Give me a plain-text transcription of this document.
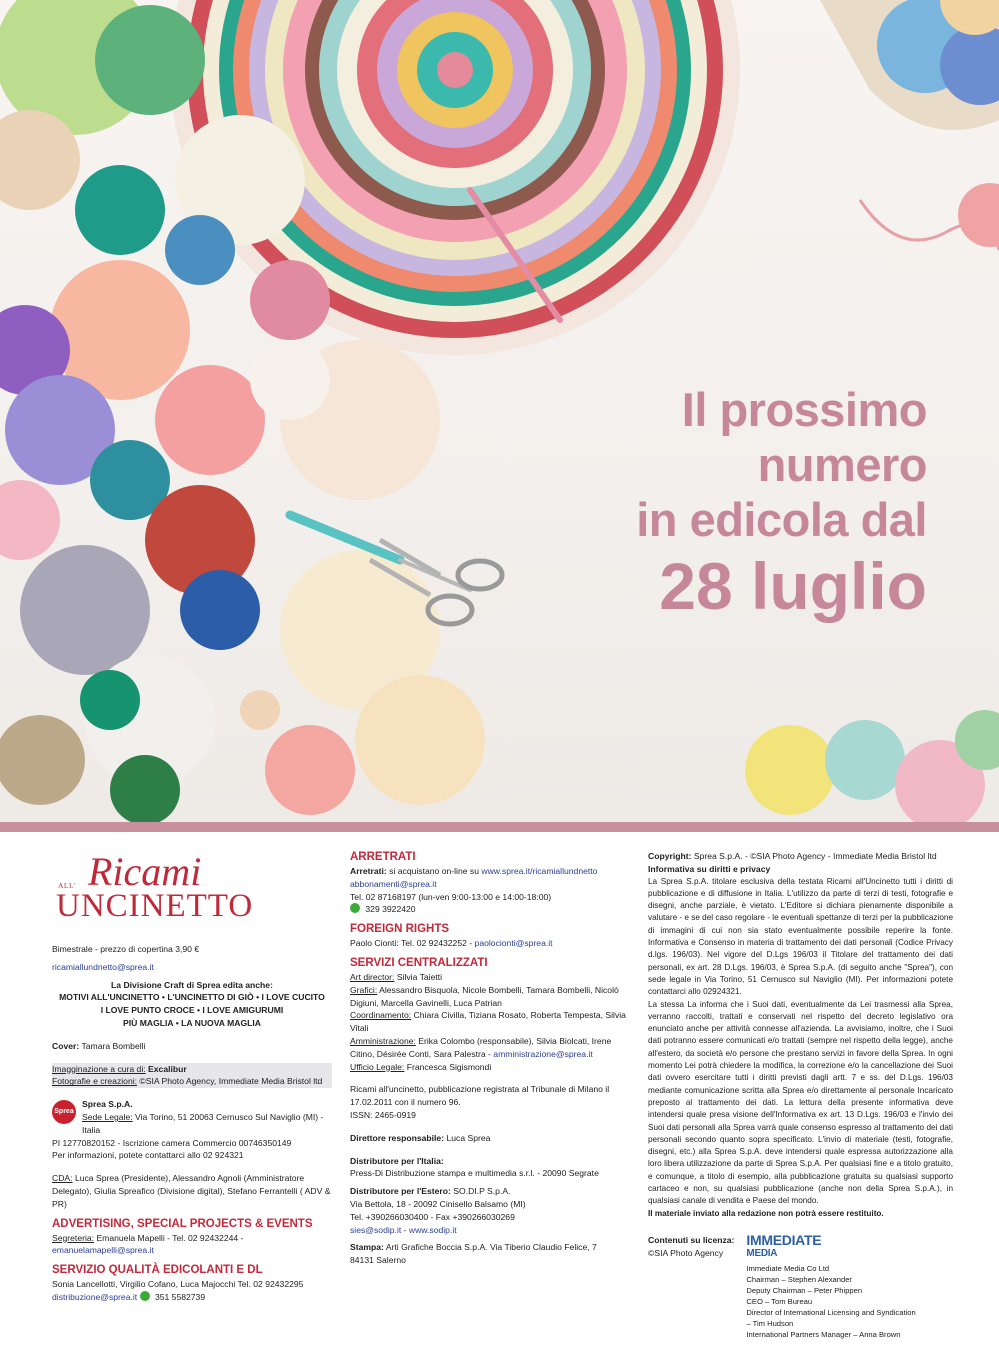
Il prossimo
numero
in edicola dal
28 luglio
ALL' Ricami
UNCINETTO
Bimestrale - prezzo di copertina 3,90 €
ricamiallundnetto@sprea.it
La Divisione Craft di Sprea edita anche:
MOTIVI ALL'UNCINETTO • L'UNCINETTO DI GIÒ • I LOVE CUCITO
I LOVE PUNTO CROCE • I LOVE AMIGURUMI
PIÙ MAGLIA • LA NUOVA MAGLIA
Cover: Tamara Bombelli
Imagginazione a cura di: Excalibur
Fotografie e creazioni: ©SIA Photo Agency, Immediate Media Bristol ltd
Sprea
Sprea S.p.A.
Sede Legale: Via Torino, 51 20063 Cernusco Sul Naviglio (MI) - Italia
PI 12770820152 - Iscrizione camera Commercio 00746350149
Per informazioni, potete contattarci allo 02 924321
CDA: Luca Sprea (Presidente), Alessandro Agnoli (Amministratore Delegato), Giulia Spreafico (Divisione digital), Stefano Ferrantelli ( ADV & PR)
ADVERTISING, SPECIAL PROJECTS & EVENTS
Segreteria: Emanuela Mapelli - Tel. 02 92432244 - emanuelamapelli@sprea.it
SERVIZIO QUALITÀ EDICOLANTI E DL
Sonia Lancellotti, Virgilio Cofano, Luca Majocchi Tel. 02 92432295
distribuzione@sprea.it 351 5582739
ARRETRATI
Arretrati: si acquistano on-line su www.sprea.it/ricamiallundnetto
abbonamenti@sprea.it
Tel. 02 87168197 (lun-ven 9:00-13:00 e 14:00-18:00)
329 3922420
FOREIGN RIGHTS
Paolo Cionti: Tel. 02 92432252 - paolocionti@sprea.it
SERVIZI CENTRALIZZATI
Art director: Silvia Taietti
Grafici: Alessandro Bisquola, Nicole Bombelli, Tamara Bombelli, Nicolò Digiuni, Marcella Gavinelli, Luca Patrian
Coordinamento: Chiara Civilla, Tiziana Rosato, Roberta Tempesta, Silvia Vitali
Amministrazione: Erika Colombo (responsabile), Silvia Biolcati, Irene Citino, Désirée Conti, Sara Palestra - amministrazione@sprea.it
Ufficio Legale: Francesca Sigismondi
Ricami all'uncinetto, pubblicazione registrata al Tribunale di Milano il 17.02.2011 con il numero 96.
ISSN: 2465-0919
Direttore responsabile: Luca Sprea
Distributore per l'Italia:
Press-Di Distribuzione stampa e multimedia s.r.l. - 20090 Segrate
Distributore per l'Estero: SO.DI.P S.p.A.
Via Bettola, 18 - 20092 Cinisello Balsamo (MI)
Tel. +390266030400 - Fax +390266030269
sies@sodip.it - www.sodip.it
Stampa: Arti Grafiche Boccia S.p.A. Via Tiberio Claudio Felice, 7
84131 Salerno
Copyright: Sprea S.p.A. - ©SIA Photo Agency - Immediate Media Bristol ltd
Informativa su diritti e privacy
La Sprea S.p.A. titolare esclusiva della testata Ricami all'Uncinetto tutti i diritti di pubblicazione e di diffusione in Italia. L'utilizzo da parte di terzi di testi, fotografie e disegni, anche parziale, è vietato. L'Editore si dichiara pienamente disponibile a valutare - e se del caso regolare - le eventuali spettanze di terzi per la pubblicazione di immagini di cui non sia stato eventualmente possibile reperire la fonte. Informativa e Consenso in materia di trattamento dei dati personali (Codice Privacy d.lgs. 196/03). Nel vigore del D.Lgs 196/03 il Titolare del trattamento dei dati personali, ex art. 28 D.Lgs. 196/03, è Sprea S.p.A. (di seguito anche "Sprea"), con sede legale in Via Torino, 51 Cernusco sul Naviglio (MI). Per informazioni potete contattarci allo 02924321.
La stessa La informa che i Suoi dati, eventualmente da Lei trasmessi alla Sprea, verranno raccolti, trattati e conservati nel rispetto del decreto legislativo ora enunciato anche per attività connesse all'azienda. La avvisiamo, inoltre, che i Suoi dati potranno essere comunicati e/o trattati (sempre nel rispetto della legge), anche all'estero, da società e/o persone che prestano servizi in favore della Sprea. In ogni momento Lei potrà chiedere la modifica, la correzione e/o la cancellazione dei Suoi dati ovvero esercitare tutti i diritti previsti dagli artt. 7 e ss. del D.Lgs. 196/03 mediante comunicazione scritta alla Sprea e/o direttamente al personale Incaricato preposto al trattamento dei dati. La lettura della presente informativa deve intendersi quale presa visione dell'Informativa ex art. 13 D.Lgs. 196/03 e l'invio dei Suoi dati personali alla Sprea varrà quale consenso espresso al trattamento dei dati personali secondo quanto sopra specificato. L'invio di materiale (testi, fotografie, disegni, etc.) alla Sprea S.p.A. deve intendersi quale espressa autorizzazione alla loro libera utilizzazione da parte di Sprea S.p.A. Per qualsiasi fine e a titolo gratuito, e comunque, a titolo di esempio, alla pubblicazione gratuita su qualsiasi supporto cartaceo e non, su qualsiasi pubblicazione (anche non della Sprea S.p.A.), in qualsiasi canale di vendita e Paese del mondo.
Il materiale inviato alla redazione non potrà essere restituito.
Contenuti su licenza:
©SIA Photo Agency
IMMEDIATE
MEDIA
Immediate Media Co Ltd
Chairman – Stephen Alexander
Deputy Chairman – Peter Phippen
CEO – Tom Bureau
Director of International Licensing and Syndication
– Tim Hudson
International Partners Manager – Anna Brown
